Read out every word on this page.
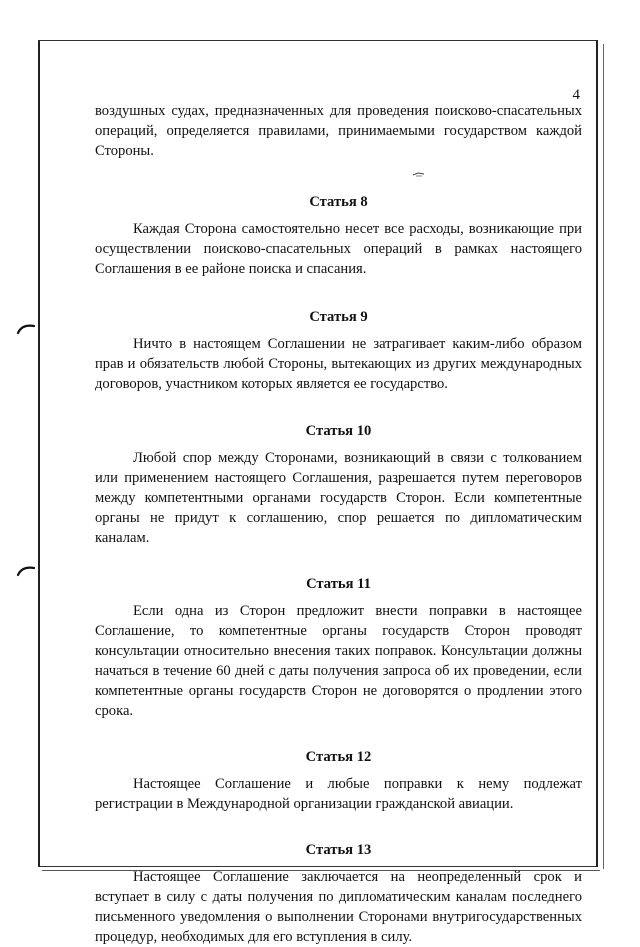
4

воздушных судах, предназначенных для проведения поисково-спасательных операций, определяется правилами, принимаемыми государством каждой Стороны.

Статья 8

Каждая Сторона самостоятельно несет все расходы, возникающие при осуществлении поисково-спасательных операций в рамках настоящего Соглашения в ее районе поиска и спасания.

Статья 9

Ничто в настоящем Соглашении не затрагивает каким-либо образом прав и обязательств любой Стороны, вытекающих из других международных договоров, участником которых является ее государство.

Статья 10

Любой спор между Сторонами, возникающий в связи с толкованием или применением настоящего Соглашения, разрешается путем переговоров между компетентными органами государств Сторон. Если компетентные органы не придут к соглашению, спор решается по дипломатическим каналам.

Статья 11

Если одна из Сторон предложит внести поправки в настоящее Соглашение, то компетентные органы государств Сторон проводят консультации относительно внесения таких поправок. Консультации должны начаться в течение 60 дней с даты получения запроса об их проведении, если компетентные органы государств Сторон не договорятся о продлении этого срока.

Статья 12

Настоящее Соглашение и любые поправки к нему подлежат регистрации в Международной организации гражданской авиации.

Статья 13

Настоящее Соглашение заключается на неопределенный срок и вступает в силу с даты получения по дипломатическим каналам последнего письменного уведомления о выполнении Сторонами внутригосударственных процедур, необходимых для его вступления в силу.
